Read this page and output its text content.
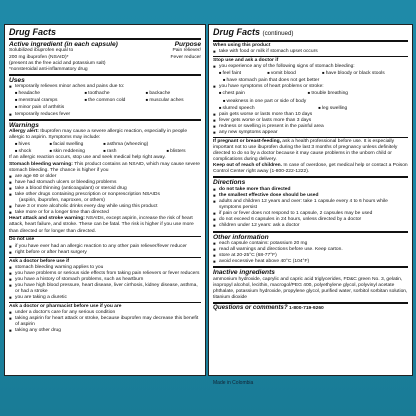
Drug Facts
Active ingredient (in each capsule)	Purpose
Solubilized ibuprofen equal to	Pain reliever/
200 mg ibuprofen (NSAID)*	Fever reducer
(present as the free acid and potassium salt)
*nonsteroidal anti-inflammatory drug
Uses
■ temporarily relieves minor aches and pains due to:
■ headache	■ toothache	■ backache
■ menstrual cramps	■ the common cold	■ muscular aches
■ minor pain of arthritis
■ temporarily reduces fever
Warnings
Allergy alert: Ibuprofen may cause a severe allergic reaction, especially in people allergic to aspirin. Symptoms may include:
■ hives	■ facial swelling	■ asthma (wheezing)
■ shock	■ skin reddening	■ rash	■ blisters
If an allergic reaction occurs, stop use and seek medical help right away.
Stomach bleeding warning: This product contains an NSAID, which may cause severe stomach bleeding. The chance is higher if you
■ are age 60 or older
■ have had stomach ulcers or bleeding problems
■ take a blood thinning (anticoagulant) or steroid drug
■ take other drugs containing prescription or nonprescription NSAIDs
(aspirin, ibuprofen, naproxen, or others)
■ have 3 or more alcoholic drinks every day while using this product
■ take more or for a longer time than directed
Heart attack and stroke warning: NSAIDs, except aspirin, increase the risk of heart attack, heart failure, and stroke. These can be fatal. The risk is higher if you use more than directed or for longer than directed.
Do not use
■ if you have ever had an allergic reaction to any other pain reliever/fever reducer
■ right before or after heart surgery
Ask a doctor before use if
■ stomach bleeding warning applies to you
■ you have problems or serious side effects from taking pain relievers or fever reducers
■ you have a history of stomach problems, such as heartburn
■ you have high blood pressure, heart disease, liver cirrhosis, kidney disease, asthma, or had a stroke
■ you are taking a diuretic
Ask a doctor or pharmacist before use if you are
■ under a doctor's care for any serious condition
■ taking aspirin for heart attack or stroke, because ibuprofen may decrease this benefit of aspirin
■ taking any other drug
Drug Facts (continued)
When using this product
■ take with food or milk if stomach upset occurs
Stop use and ask a doctor if
■ you experience any of the following signs of stomach bleeding:
■ feel faint	■ vomit blood	■ have bloody or black stools
■ have stomach pain that does not get better
■ you have symptoms of heart problems or stroke:
■ chest pain	■ trouble breathing
■ weakness in one part or side of body
■ slurred speech	■ leg swelling
■ pain gets worse or lasts more than 10 days
■ fever gets worse or lasts more than 3 days
■ redness or swelling is present in the painful area
■ any new symptoms appear
If pregnant or breast-feeding, ask a health professional before use. It is especially important not to use ibuprofen during the last 3 months of pregnancy unless definitely directed to do so by a doctor because it may cause problems in the unborn child or complications during delivery.
Keep out of reach of children. In case of overdose, get medical help or contact a Poison Control Center right away (1-800-222-1222).
Directions
■ do not take more than directed
■ the smallest effective dose should be used
■ adults and children 12 years and over: take 1 capsule every 4 to 6 hours while symptoms persist
■ if pain or fever does not respond to 1 capsule, 2 capsules may be used
■ do not exceed 6 capsules in 24 hours, unless directed by a doctor
■ children under 12 years: ask a doctor
Other information
■ each capsule contains: potassium 20 mg
■ read all warnings and directions before use. Keep carton.
■ store at 20-25°C (68-77°F)
■ avoid excessive heat above 40°C (104°F)
Inactive ingredients
ammonium hydroxide, caprylic and capric acid triglycerides, FD&C green No. 3, gelatin, isopropyl alcohol, lecithin, macrogol/PEG 400, polyethylene glycol, polyvinyl acetate phthalate, potassium hydroxide, propylene glycol, purified water, sorbitol sorbitan solution, titanium dioxide
Questions or comments? 1-800-719-9260
Made in Colombia
